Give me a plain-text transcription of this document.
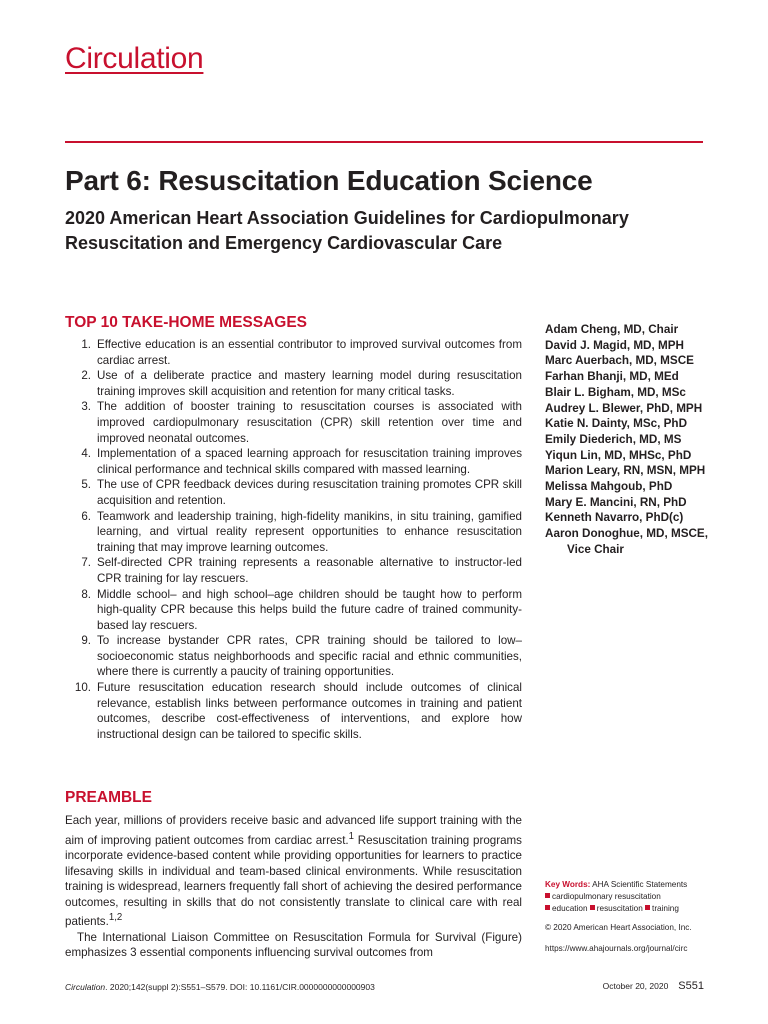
Circulation
Part 6: Resuscitation Education Science
2020 American Heart Association Guidelines for Cardiopulmonary Resuscitation and Emergency Cardiovascular Care
TOP 10 TAKE-HOME MESSAGES
1. Effective education is an essential contributor to improved survival outcomes from cardiac arrest.
2. Use of a deliberate practice and mastery learning model during resuscitation training improves skill acquisition and retention for many critical tasks.
3. The addition of booster training to resuscitation courses is associated with improved cardiopulmonary resuscitation (CPR) skill retention over time and improved neonatal outcomes.
4. Implementation of a spaced learning approach for resuscitation training improves clinical performance and technical skills compared with massed learning.
5. The use of CPR feedback devices during resuscitation training promotes CPR skill acquisition and retention.
6. Teamwork and leadership training, high-fidelity manikins, in situ training, gamified learning, and virtual reality represent opportunities to enhance resuscitation training that may improve learning outcomes.
7. Self-directed CPR training represents a reasonable alternative to instructor-led CPR training for lay rescuers.
8. Middle school– and high school–age children should be taught how to perform high-quality CPR because this helps build the future cadre of trained community-based lay rescuers.
9. To increase bystander CPR rates, CPR training should be tailored to low–socioeconomic status neighborhoods and specific racial and ethnic communities, where there is currently a paucity of training opportunities.
10. Future resuscitation education research should include outcomes of clinical relevance, establish links between performance outcomes in training and patient outcomes, describe cost-effectiveness of interventions, and explore how instructional design can be tailored to specific skills.
PREAMBLE

Each year, millions of providers receive basic and advanced life support training with the aim of improving patient outcomes from cardiac arrest.$^1$ Resuscitation training programs incorporate evidence-based content while providing opportunities for learners to practice lifesaving skills in individual and team-based clinical environments. While resuscitation training is widespread, learners frequently fall short of achieving the desired performance outcomes, resulting in skills that do not consistently translate to clinical care with real patients.$^{1,2}$

The International Liaison Committee on Resuscitation Formula for Survival (Figure) emphasizes 3 essential components influencing survival outcomes from

Adam Cheng, MD, Chair
David J. Magid, MD, MPH
Marc Auerbach, MD, MSCE
Farhan Bhanji, MD, MEd
Blair L. Bigham, MD, MSc
Audrey L. Blewer, PhD, MPH
Katie N. Dainty, MSc, PhD
Emily Diederich, MD, MS
Yiqun Lin, MD, MHSc, PhD
Marion Leary, RN, MSN, MPH
Melissa Mahgoub, PhD
Mary E. Mancini, RN, PhD
Kenneth Navarro, PhD(c)
Aaron Donoghue, MD, MSCE, Vice Chair
Key Words: AHA Scientific Statements
cardiopulmonary resuscitation
education resuscitation training
© 2020 American Heart Association, Inc.
https://www.ahajournals.org/journal/circ
Circulation. 2020;142(suppl 2):S551–S579. DOI: 10.1161/CIR.0000000000000903	October 20, 2020 S551
